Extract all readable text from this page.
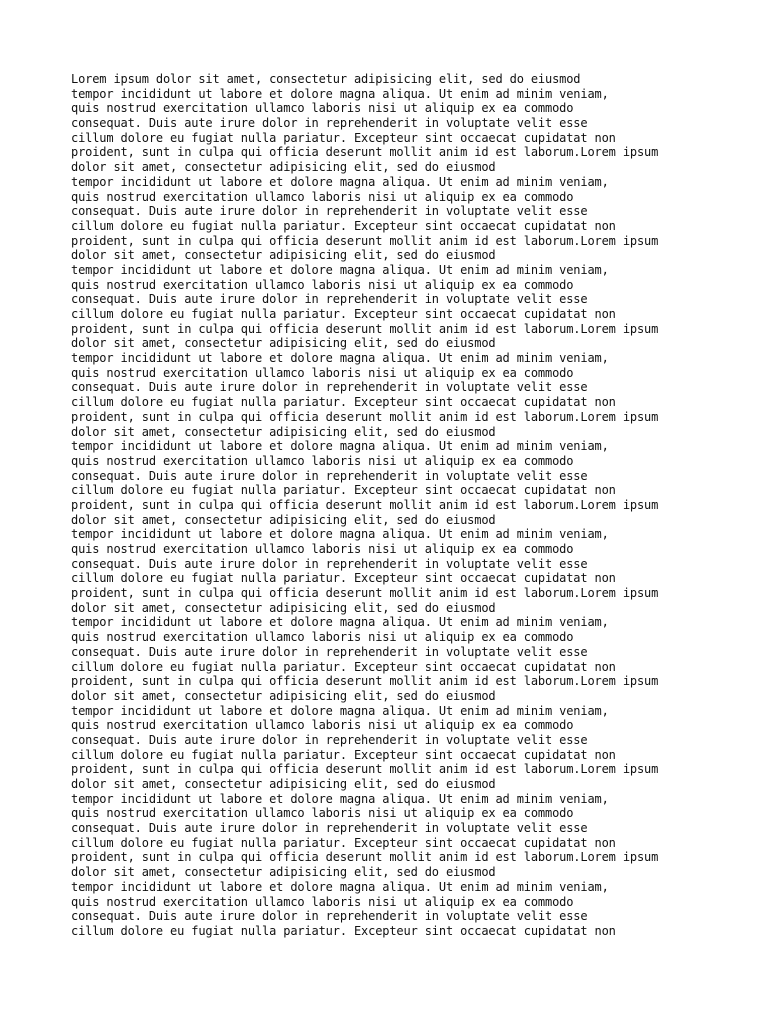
Lorem ipsum dolor sit amet, consectetur adipisicing elit, sed do eiusmod
tempor incididunt ut labore et dolore magna aliqua. Ut enim ad minim veniam,
quis nostrud exercitation ullamco laboris nisi ut aliquip ex ea commodo
consequat. Duis aute irure dolor in reprehenderit in voluptate velit esse
cillum dolore eu fugiat nulla pariatur. Excepteur sint occaecat cupidatat non
proident, sunt in culpa qui officia deserunt mollit anim id est laborum.Lorem ipsum
dolor sit amet, consectetur adipisicing elit, sed do eiusmod
tempor incididunt ut labore et dolore magna aliqua. Ut enim ad minim veniam,
quis nostrud exercitation ullamco laboris nisi ut aliquip ex ea commodo
consequat. Duis aute irure dolor in reprehenderit in voluptate velit esse
cillum dolore eu fugiat nulla pariatur. Excepteur sint occaecat cupidatat non
proident, sunt in culpa qui officia deserunt mollit anim id est laborum.Lorem ipsum
dolor sit amet, consectetur adipisicing elit, sed do eiusmod
tempor incididunt ut labore et dolore magna aliqua. Ut enim ad minim veniam,
quis nostrud exercitation ullamco laboris nisi ut aliquip ex ea commodo
consequat. Duis aute irure dolor in reprehenderit in voluptate velit esse
cillum dolore eu fugiat nulla pariatur. Excepteur sint occaecat cupidatat non
proident, sunt in culpa qui officia deserunt mollit anim id est laborum.Lorem ipsum
dolor sit amet, consectetur adipisicing elit, sed do eiusmod
tempor incididunt ut labore et dolore magna aliqua. Ut enim ad minim veniam,
quis nostrud exercitation ullamco laboris nisi ut aliquip ex ea commodo
consequat. Duis aute irure dolor in reprehenderit in voluptate velit esse
cillum dolore eu fugiat nulla pariatur. Excepteur sint occaecat cupidatat non
proident, sunt in culpa qui officia deserunt mollit anim id est laborum.Lorem ipsum
dolor sit amet, consectetur adipisicing elit, sed do eiusmod
tempor incididunt ut labore et dolore magna aliqua. Ut enim ad minim veniam,
quis nostrud exercitation ullamco laboris nisi ut aliquip ex ea commodo
consequat. Duis aute irure dolor in reprehenderit in voluptate velit esse
cillum dolore eu fugiat nulla pariatur. Excepteur sint occaecat cupidatat non
proident, sunt in culpa qui officia deserunt mollit anim id est laborum.Lorem ipsum
dolor sit amet, consectetur adipisicing elit, sed do eiusmod
tempor incididunt ut labore et dolore magna aliqua. Ut enim ad minim veniam,
quis nostrud exercitation ullamco laboris nisi ut aliquip ex ea commodo
consequat. Duis aute irure dolor in reprehenderit in voluptate velit esse
cillum dolore eu fugiat nulla pariatur. Excepteur sint occaecat cupidatat non
proident, sunt in culpa qui officia deserunt mollit anim id est laborum.Lorem ipsum
dolor sit amet, consectetur adipisicing elit, sed do eiusmod
tempor incididunt ut labore et dolore magna aliqua. Ut enim ad minim veniam,
quis nostrud exercitation ullamco laboris nisi ut aliquip ex ea commodo
consequat. Duis aute irure dolor in reprehenderit in voluptate velit esse
cillum dolore eu fugiat nulla pariatur. Excepteur sint occaecat cupidatat non
proident, sunt in culpa qui officia deserunt mollit anim id est laborum.Lorem ipsum
dolor sit amet, consectetur adipisicing elit, sed do eiusmod
tempor incididunt ut labore et dolore magna aliqua. Ut enim ad minim veniam,
quis nostrud exercitation ullamco laboris nisi ut aliquip ex ea commodo
consequat. Duis aute irure dolor in reprehenderit in voluptate velit esse
cillum dolore eu fugiat nulla pariatur. Excepteur sint occaecat cupidatat non
proident, sunt in culpa qui officia deserunt mollit anim id est laborum.Lorem ipsum
dolor sit amet, consectetur adipisicing elit, sed do eiusmod
tempor incididunt ut labore et dolore magna aliqua. Ut enim ad minim veniam,
quis nostrud exercitation ullamco laboris nisi ut aliquip ex ea commodo
consequat. Duis aute irure dolor in reprehenderit in voluptate velit esse
cillum dolore eu fugiat nulla pariatur. Excepteur sint occaecat cupidatat non
proident, sunt in culpa qui officia deserunt mollit anim id est laborum.Lorem ipsum
dolor sit amet, consectetur adipisicing elit, sed do eiusmod
tempor incididunt ut labore et dolore magna aliqua. Ut enim ad minim veniam,
quis nostrud exercitation ullamco laboris nisi ut aliquip ex ea commodo
consequat. Duis aute irure dolor in reprehenderit in voluptate velit esse
cillum dolore eu fugiat nulla pariatur. Excepteur sint occaecat cupidatat non
